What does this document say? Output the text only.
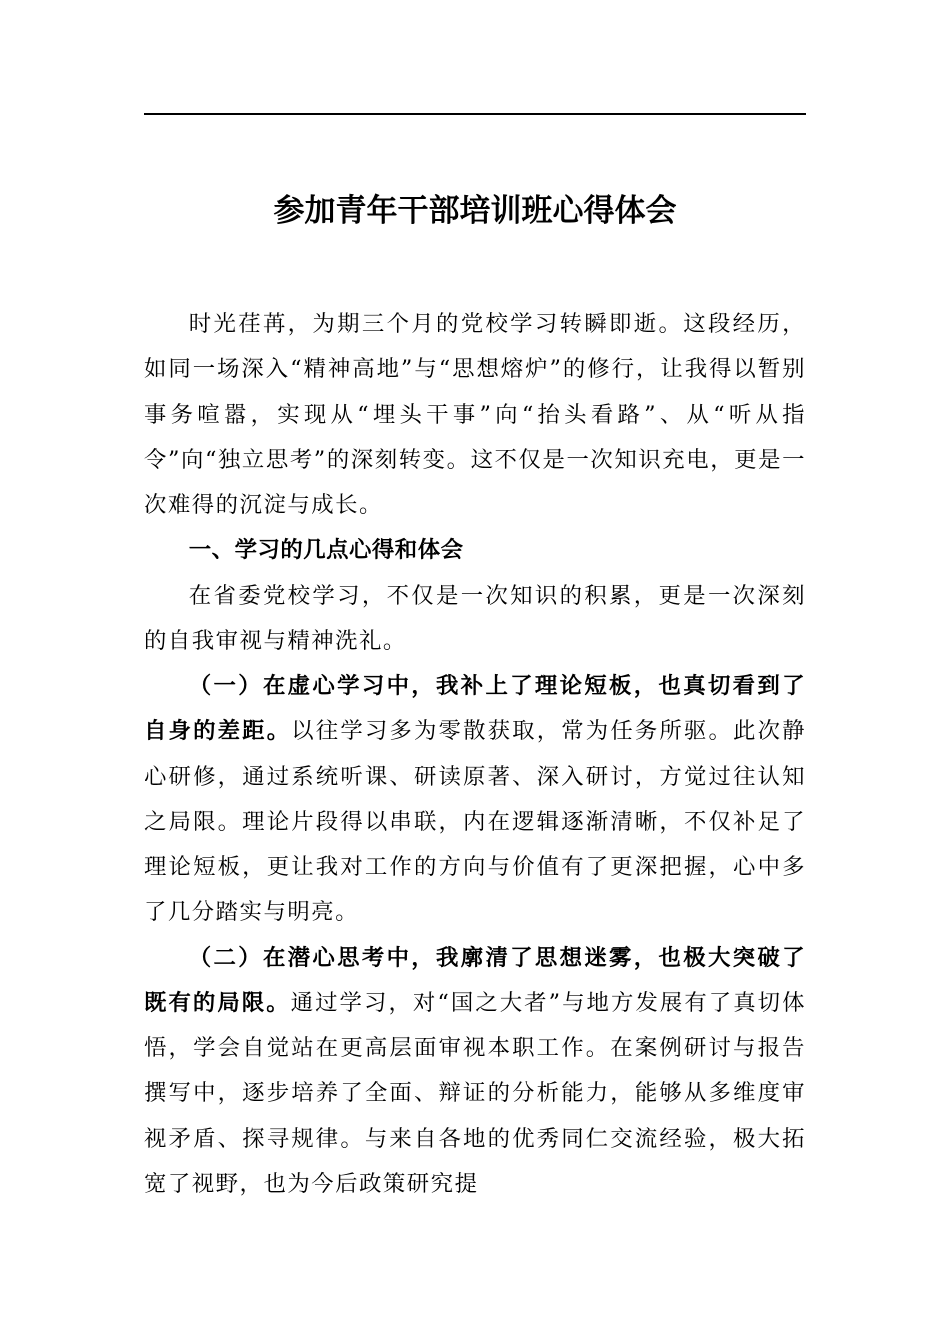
参加青年干部培训班心得体会

时光荏苒，为期三个月的党校学习转瞬即逝。这段经历，如同一场深入“精神高地”与“思想熔炉”的修行，让我得以暂别事务喧嚣，实现从“埋头干事”向“抬头看路”、从“听从指令”向“独立思考”的深刻转变。这不仅是一次知识充电，更是一次难得的沉淀与成长。

一、学习的几点心得和体会

在省委党校学习，不仅是一次知识的积累，更是一次深刻的自我审视与精神洗礼。

（一）在虚心学习中，我补上了理论短板，也真切看到了自身的差距。以往学习多为零散获取，常为任务所驱。此次静心研修，通过系统听课、研读原著、深入研讨，方觉过往认知之局限。理论片段得以串联，内在逻辑逐渐清晰，不仅补足了理论短板，更让我对工作的方向与价值有了更深把握，心中多了几分踏实与明亮。

（二）在潜心思考中，我廓清了思想迷雾，也极大突破了既有的局限。通过学习，对“国之大者”与地方发展有了真切体悟，学会自觉站在更高层面审视本职工作。在案例研讨与报告撰写中，逐步培养了全面、辩证的分析能力，能够从多维度审视矛盾、探寻规律。与来自各地的优秀同仁交流经验，极大拓宽了视野，也为今后政策研究提
